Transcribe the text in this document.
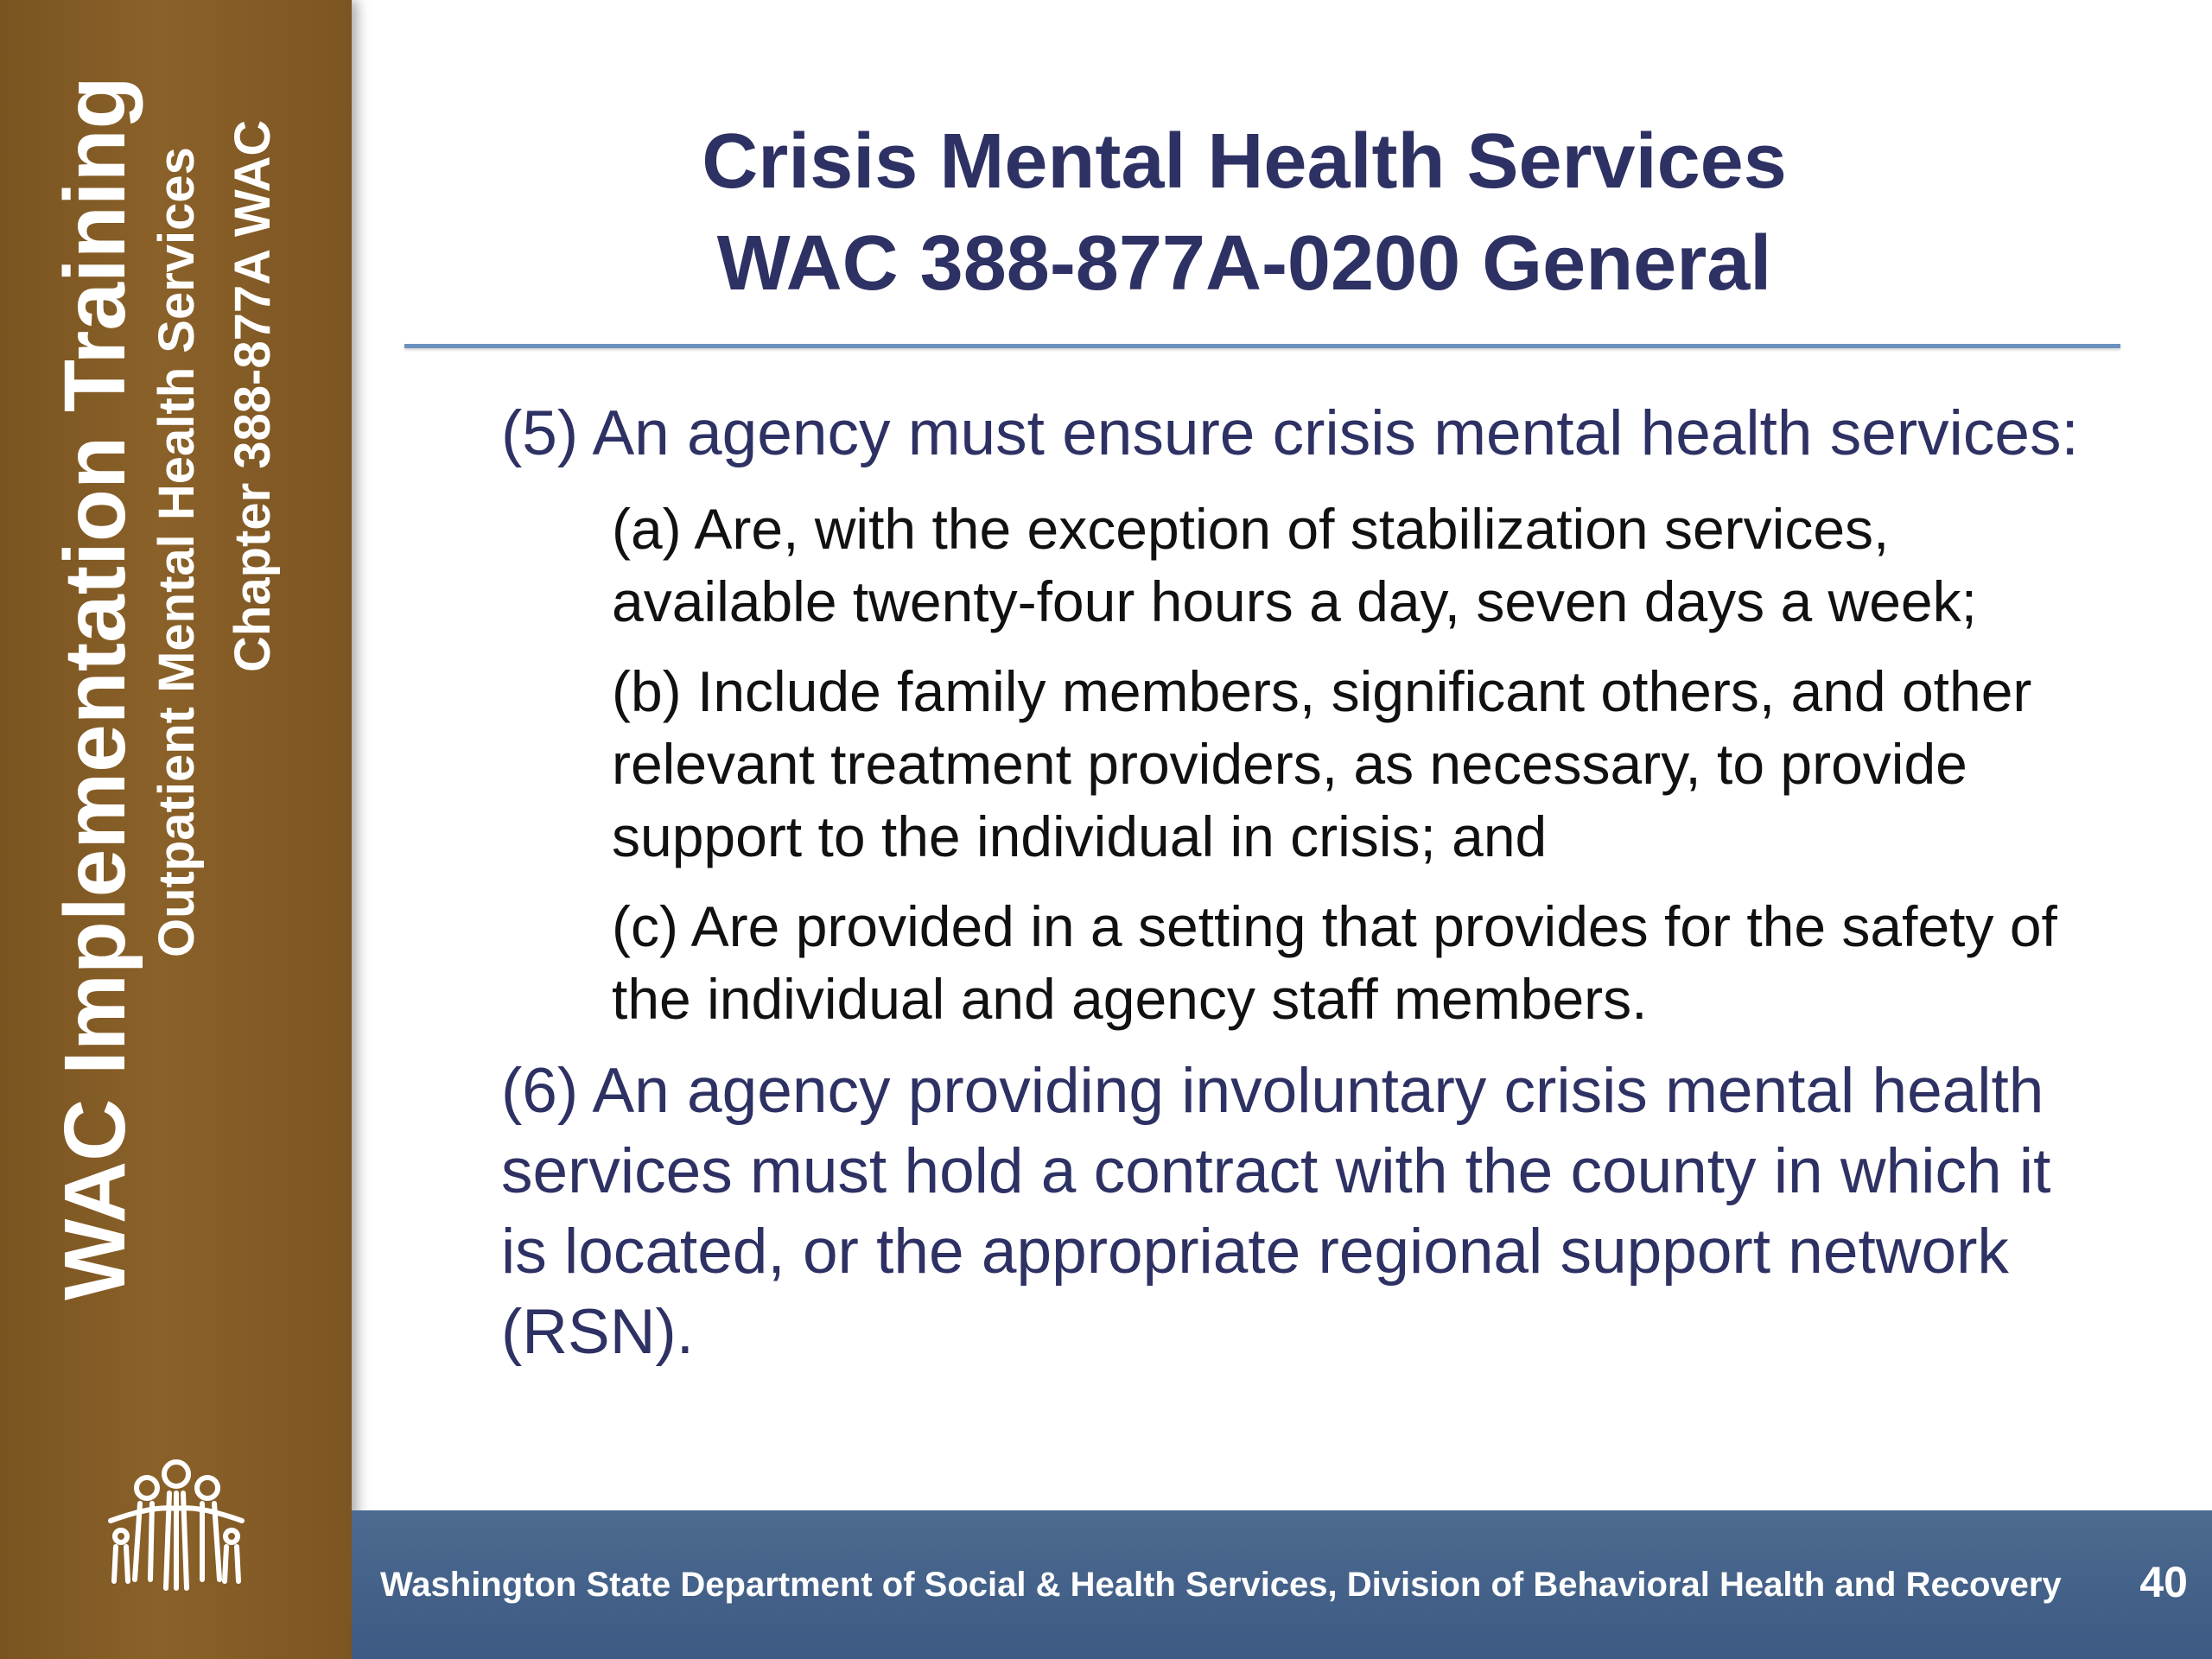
WAC Implementation Training Outpatient Mental Health Services Chapter 388-877A WAC	Crisis Mental Health Services
WAC 388-877A-0200 General

(5) An agency must ensure crisis mental health services:

(a) Are, with the exception of stabilization services, available twenty-four hours a day, seven days a week;

(b) Include family members, significant others, and other relevant treatment providers, as necessary, to provide support to the individual in crisis; and

(c) Are provided in a setting that provides for the safety of the individual and agency staff members.

(6) An agency providing involuntary crisis mental health services must hold a contract with the county in which it is located, or the appropriate regional support network (RSN).

Washington State Department of Social & Health Services, Division of Behavioral Health and Recovery 40
